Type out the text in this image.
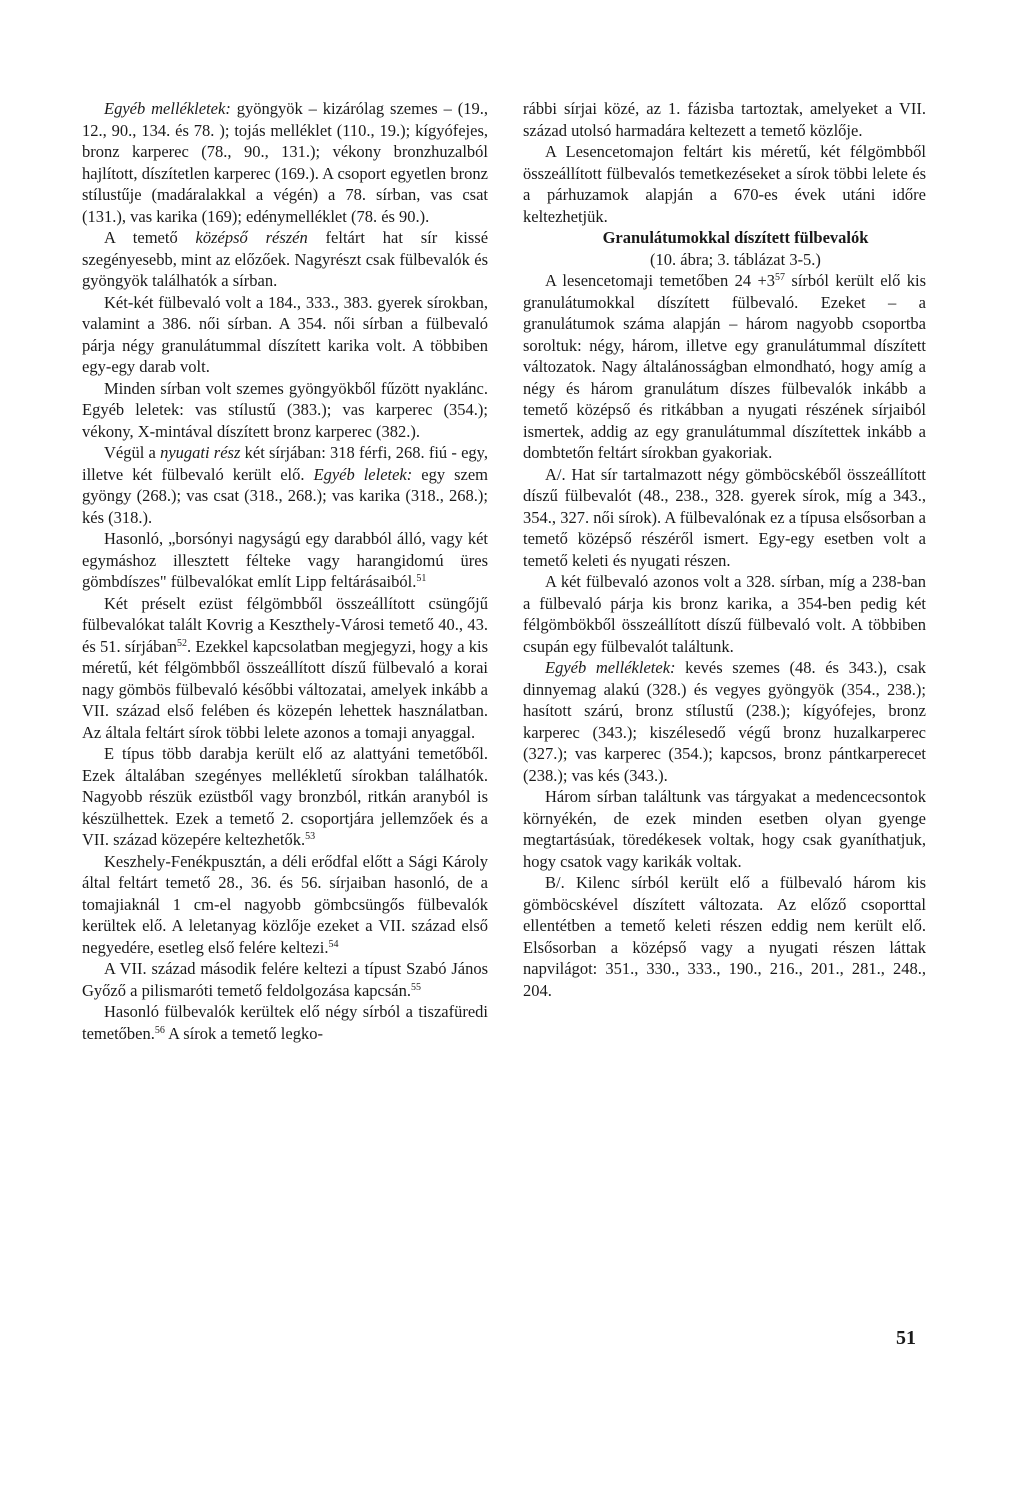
Egyéb mellékletek: gyöngyök – kizárólag szemes – (19., 12., 90., 134. és 78. ); tojás melléklet (110., 19.); kígyófejes, bronz karperec (78., 90., 131.); vékony bronzhuzalból hajlított, díszítetlen karperec (169.). A csoport egyetlen bronz stílustűje (madáralakkal a végén) a 78. sírban, vas csat (131.), vas karika (169); edénymelléklet (78. és 90.).

A temető középső részén feltárt hat sír kissé szegényesebb, mint az előzőek. Nagyrészt csak fülbevalók és gyöngyök találhatók a sírban.

Két-két fülbevaló volt a 184., 333., 383. gyerek sírokban, valamint a 386. női sírban. A 354. női sírban a fülbevaló párja négy granulátummal díszített karika volt. A többiben egy-egy darab volt.

Minden sírban volt szemes gyöngyökből fűzött nyaklánc. Egyéb leletek: vas stílustű (383.); vas karperec (354.); vékony, X-mintával díszített bronz karperec (382.).

Végül a nyugati rész két sírjában: 318 férfi, 268. fiú - egy, illetve két fülbevaló került elő. Egyéb leletek: egy szem gyöngy (268.); vas csat (318., 268.); vas karika (318., 268.); kés (318.).

Hasonló, „borsónyi nagyságú egy darabból álló, vagy két egymáshoz illesztett félteke vagy harangidomú üres gömbdíszes" fülbevalókat említ Lipp feltárásaiból.$^{51}$

Két préselt ezüst félgömbből összeállított csüngőjű fülbevalókat talált Kovrig a Keszthely-Városi temető 40., 43. és 51. sírjában$^{52}$. Ezekkel kapcsolatban megjegyzi, hogy a kis méretű, két félgömbből összeállított díszű fülbevaló a korai nagy gömbös fülbevaló későbbi változatai, amelyek inkább a VII. század első felében és közepén lehettek használatban. Az általa feltárt sírok többi lelete azonos a tomaji anyaggal.

E típus több darabja került elő az alattyáni temetőből. Ezek általában szegényes mellékletű sírokban találhatók. Nagyobb részük ezüstből vagy bronzból, ritkán aranyból is készülhettek. Ezek a temető 2. csoportjára jellemzőek és a VII. század közepére keltezhetők.$^{53}$

Keszhely-Fenékpusztán, a déli erődfal előtt a Sági Károly által feltárt temető 28., 36. és 56. sírjaiban hasonló, de a tomajiaknál 1 cm-el nagyobb gömbcsüngős fülbevalók kerültek elő. A leletanyag közlője ezeket a VII. század első negyedére, esetleg első felére keltezi.$^{54}$

A VII. század második felére keltezi a típust Szabó János Győző a pilismaróti temető feldolgozása kapcsán.$^{55}$

Hasonló fülbevalók kerültek elő négy sírból a tiszafüredi temetőben.$^{56}$ A sírok a temető legko-

rábbi sírjai közé, az 1. fázisba tartoztak, amelyeket a VII. század utolsó harmadára keltezett a temető közlője.

A Lesencetomajon feltárt kis méretű, két félgömbből összeállított fülbevalós temetkezéseket a sírok többi lelete és a párhuzamok alapján a 670-es évek utáni időre keltezhetjük.

Granulátumokkal díszített fülbevalók

(10. ábra; 3. táblázat 3-5.)

A lesencetomaji temetőben $24 +3^{57}$ sírból került elő kis granulátumokkal díszített fülbevaló. Ezeket – a granulátumok száma alapján – három nagyobb csoportba soroltuk: négy, három, illetve egy granulátummal díszített változatok. Nagy általánosságban elmondható, hogy amíg a négy és három granulátum díszes fülbevalók inkább a temető középső és ritkábban a nyugati részének sírjaiból ismertek, addig az egy granulátummal díszítettek inkább a dombtetőn feltárt sírokban gyakoriak.

A/. Hat sír tartalmazott négy gömböcskéből összeállított díszű fülbevalót (48., 238., 328. gyerek sírok, míg a 343., 354., 327. női sírok). A fülbevalónak ez a típusa elsősorban a temető középső részéről ismert. Egy-egy esetben volt a temető keleti és nyugati részen.

A két fülbevaló azonos volt a 328. sírban, míg a 238-ban a fülbevaló párja kis bronz karika, a 354-ben pedig két félgömbökből összeállított díszű fülbevaló volt. A többiben csupán egy fülbevalót találtunk.

Egyéb mellékletek: kevés szemes (48. és 343.), csak dinnyemag alakú (328.) és vegyes gyöngyök (354., 238.); hasított szárú, bronz stílustű (238.); kígyófejes, bronz karperec (343.); kiszélesedő végű bronz huzalkarperec (327.); vas karperec (354.); kapcsos, bronz pántkarperecet (238.); vas kés (343.).

Három sírban találtunk vas tárgyakat a medencecsontok környékén, de ezek minden esetben olyan gyenge megtartásúak, töredékesek voltak, hogy csak gyaníthatjuk, hogy csatok vagy karikák voltak.

B/. Kilenc sírból került elő a fülbevaló három kis gömböcskével díszített változata. Az előző csoporttal ellentétben a temető keleti részen eddig nem került elő. Elsősorban a középső vagy a nyugati részen láttak napvilágot: 351., 330., 333., 190., 216., 201., 281., 248., 204.

51
